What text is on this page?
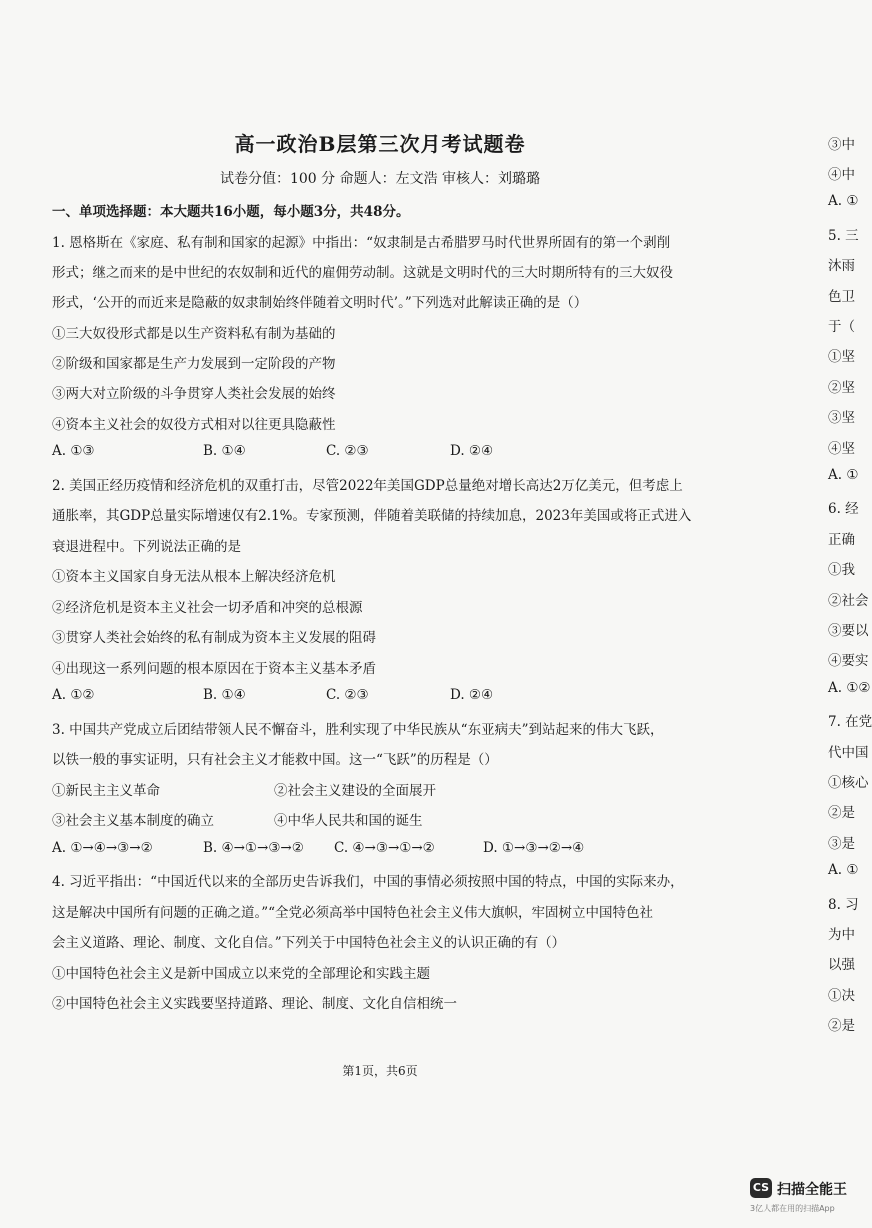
高一政治B层第三次月考试题卷
试卷分值：100 分 命题人：左文浩 审核人：刘璐璐
一、单项选择题：本大题共16小题，每小题3分，共48分。
1. 恩格斯在《家庭、私有制和国家的起源》中指出：“奴隶制是古希腊罗马时代世界所固有的第一个剥削
形式；继之而来的是中世纪的农奴制和近代的雇佣劳动制。这就是文明时代的三大时期所特有的三大奴役
形式，‘公开的而近来是隐蔽的奴隶制始终伴随着文明时代’。”下列选对此解读正确的是（）
①三大奴役形式都是以生产资料私有制为基础的
②阶级和国家都是生产力发展到一定阶段的产物
③两大对立阶级的斗争贯穿人类社会发展的始终
④资本主义社会的奴役方式相对以往更具隐蔽性
A. ①③	B. ①④	C. ②③	D. ②④
2. 美国正经历疫情和经济危机的双重打击，尽管2022年美国GDP总量绝对增长高达2万亿美元，但考虑上
通胀率，其GDP总量实际增速仅有2.1%。专家预测，伴随着美联储的持续加息，2023年美国或将正式进入
衰退进程中。下列说法正确的是
①资本主义国家自身无法从根本上解决经济危机
②经济危机是资本主义社会一切矛盾和冲突的总根源
③贯穿人类社会始终的私有制成为资本主义发展的阻碍
④出现这一系列问题的根本原因在于资本主义基本矛盾
A. ①②	B. ①④	C. ②③	D. ②④
3. 中国共产党成立后团结带领人民不懈奋斗，胜利实现了中华民族从“东亚病夫”到站起来的伟大飞跃，
以铁一般的事实证明，只有社会主义才能救中国。这一“飞跃”的历程是（）
①新民主主义革命	②社会主义建设的全面展开
③社会主义基本制度的确立	④中华人民共和国的诞生
A. ①→④→③→②	B. ④→①→③→② C. ④→③→①→②	D. ①→③→②→④
4. 习近平指出：“中国近代以来的全部历史告诉我们，中国的事情必须按照中国的特点，中国的实际来办，
这是解决中国所有问题的正确之道。”“全党必须高举中国特色社会主义伟大旗帜，牢固树立中国特色社
会主义道路、理论、制度、文化自信。”下列关于中国特色社会主义的认识正确的有（）
①中国特色社会主义是新中国成立以来党的全部理论和实践主题
②中国特色社会主义实践要坚持道路、理论、制度、文化自信相统一
第1页，共6页
③中
④中
A. ①
5. 三
沐雨
色卫
于（
①坚
②坚
③坚
④坚
A. ①
6. 经
正确
①我
②社会
③要以
④要实
A. ①②
7. 在党
代中国
①核心
②是
③是
A. ①
8. 习
为中
以强
①决
②是
CS 扫描全能王
3亿人都在用的扫描App
